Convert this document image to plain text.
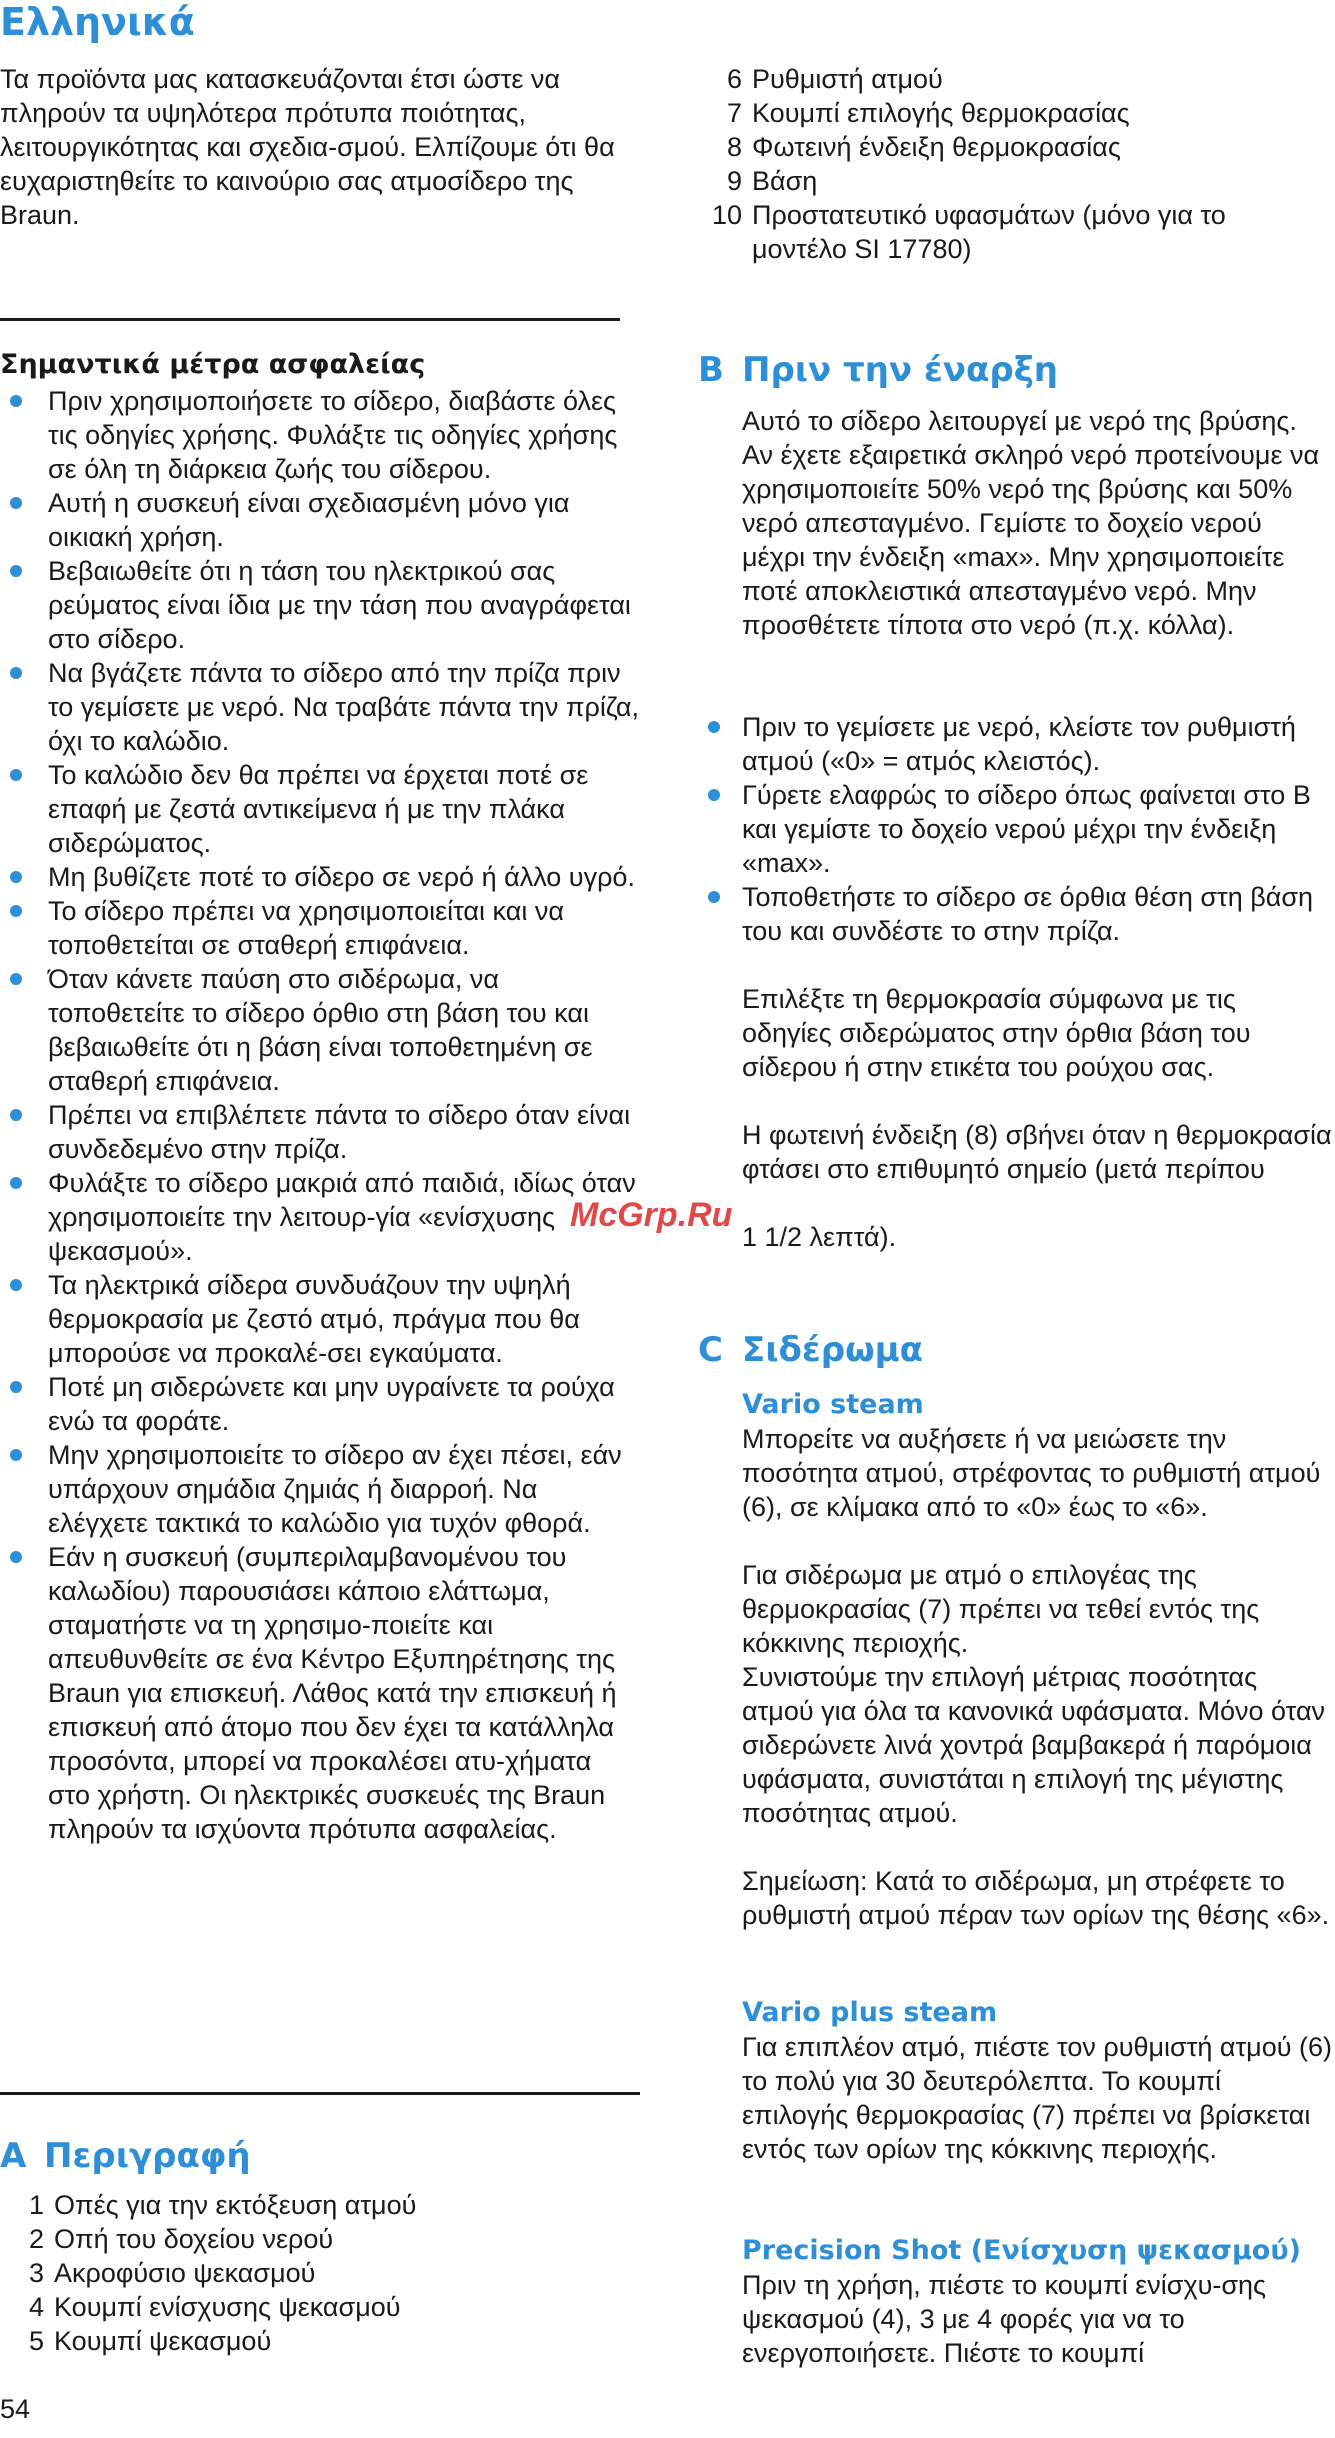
Ελληνικά

Τα προϊόντα μας κατασκευάζονται έτσι ώστε να πληρούν τα υψηλότερα πρότυπα ποιότητας, λειτουργικότητας και σχεδια-σμού. Ελπίζουμε ότι θα ευχαριστηθείτε το καινούριο σας ατμοσίδερο της Braun.

Σημαντικά μέτρα ασφαλείας

Πριν χρησιμοποιήσετε το σίδερο, διαβάστε όλες τις οδηγίες χρήσης. Φυλάξτε τις οδηγίες χρήσης σε όλη τη διάρκεια ζωής του σίδερου.
Αυτή η συσκευή είναι σχεδιασμένη μόνο για οικιακή χρήση.
Βεβαιωθείτε ότι η τάση του ηλεκτρικού σας ρεύματος είναι ίδια με την τάση που αναγράφεται στο σίδερο.
Να βγάζετε πάντα το σίδερο από την πρίζα πριν το γεμίσετε με νερό. Να τραβάτε πάντα την πρίζα, όχι το καλώδιο.
Το καλώδιο δεν θα πρέπει να έρχεται ποτέ σε επαφή με ζεστά αντικείμενα ή με την πλάκα σιδερώματος.
Μη βυθίζετε ποτέ το σίδερο σε νερό ή άλλο υγρό.
Το σίδερο πρέπει να χρησιμοποιείται και να τοποθετείται σε σταθερή επιφάνεια.
Όταν κάνετε παύση στο σιδέρωμα, να τοποθετείτε το σίδερο όρθιο στη βάση του και βεβαιωθείτε ότι η βάση είναι τοποθετημένη σε σταθερή επιφάνεια.
Πρέπει να επιβλέπετε πάντα το σίδερο όταν είναι συνδεδεμένο στην πρίζα.
Φυλάξτε το σίδερο μακριά από παιδιά, ιδίως όταν χρησιμοποιείτε την λειτουρ-γία «ενίσχυσης ψεκασμού».
Τα ηλεκτρικά σίδερα συνδυάζουν την υψηλή θερμοκρασία με ζεστό ατμό, πράγμα που θα μπορούσε να προκαλέ-σει εγκαύματα.
Ποτέ μη σιδερώνετε και μην υγραίνετε τα ρούχα ενώ τα φοράτε.
Μην χρησιμοποιείτε το σίδερο αν έχει πέσει, εάν υπάρχουν σημάδια ζημιάς ή διαρροή. Να ελέγχετε τακτικά το καλώδιο για τυχόν φθορά.
Εάν η συσκευή (συμπεριλαμβανομένου του καλωδίου) παρουσιάσει κάποιο ελάττωμα, σταματήστε να τη χρησιμο-ποιείτε και απευθυνθείτε σε ένα Κέντρο Εξυπηρέτησης της Braun για επισκευή. Λάθος κατά την επισκευή ή επισκευή από άτομο που δεν έχει τα κατάλληλα προσόντα, μπορεί να προκαλέσει ατυ-χήματα στο χρήστη. Οι ηλεκτρικές συσκευές της Braun πληρούν τα ισχύοντα πρότυπα ασφαλείας.
A Περιγραφή
1 Οπές για την εκτόξευση ατμού
2 Οπή του δοχείου νερού
3 Ακροφύσιο ψεκασμού
4 Κουμπί ενίσχυσης ψεκασμού
5 Κουμπί ψεκασμού
6 Ρυθμιστή ατμού
7 Κουμπί επιλογής θερμοκρασίας
8 Φωτεινή ένδειξη θερμοκρασίας
9 Βάση
10 Προστατευτικό υφασμάτων (μόνο για το μοντέλο SI 17780)
B Πριν την έναρξη

Αυτό το σίδερο λειτουργεί με νερό της βρύσης. Αν έχετε εξαιρετικά σκληρό νερό προτείνουμε να χρησιμοποιείτε 50% νερό της βρύσης και 50% νερό απεσταγμένο. Γεμίστε το δοχείο νερού μέχρι την ένδειξη «max». Μην χρησιμοποιείτε ποτέ αποκλειστικά απεσταγμένο νερό. Μην προσθέτετε τίποτα στο νερό (π.χ. κόλλα).

Πριν το γεμίσετε με νερό, κλείστε τον ρυθμιστή ατμού («0» = ατμός κλειστός).
Γύρετε ελαφρώς το σίδερο όπως φαίνεται στο B και γεμίστε το δοχείο νερού μέχρι την ένδειξη «max».
Τοποθετήστε το σίδερο σε όρθια θέση στη βάση του και συνδέστε το στην πρίζα.

Επιλέξτε τη θερμοκρασία σύμφωνα με τις οδηγίες σιδερώματος στην όρθια βάση του σίδερου ή στην ετικέτα του ρούχου σας.

Η φωτεινή ένδειξη (8) σβήνει όταν η θερμοκρασία φτάσει στο επιθυμητό σημείο (μετά περίπου

1 1/2 λεπτά).

C Σιδέρωμα

Vario steam

Μπορείτε να αυξήσετε ή να μειώσετε την ποσότητα ατμού, στρέφοντας το ρυθμιστή ατμού (6), σε κλίμακα από το «0» έως το «6».

Για σιδέρωμα με ατμό ο επιλογέας της θερμοκρασίας (7) πρέπει να τεθεί εντός της κόκκινης περιοχής.

Συνιστούμε την επιλογή μέτριας ποσότητας ατμού για όλα τα κανονικά υφάσματα. Μόνο όταν σιδερώνετε λινά χοντρά βαμβακερά ή παρόμοια υφάσματα, συνιστάται η επιλογή της μέγιστης ποσότητας ατμού.

Σημείωση: Κατά το σιδέρωμα, μη στρέφετε το ρυθμιστή ατμού πέραν των ορίων της θέσης «6».

Vario plus steam

Για επιπλέον ατμό, πιέστε τον ρυθμιστή ατμού (6) το πολύ για 30 δευτερόλεπτα. Το κουμπί επιλογής θερμοκρασίας (7) πρέπει να βρίσκεται εντός των ορίων της κόκκινης περιοχής.

Precision Shot (Ενίσχυση ψεκασμού)

Πριν τη χρήση, πιέστε το κουμπί ενίσχυ-σης ψεκασμού (4), 3 με 4 φορές για να το ενεργοποιήσετε. Πιέστε το κουμπί

McGrp.Ru
54
